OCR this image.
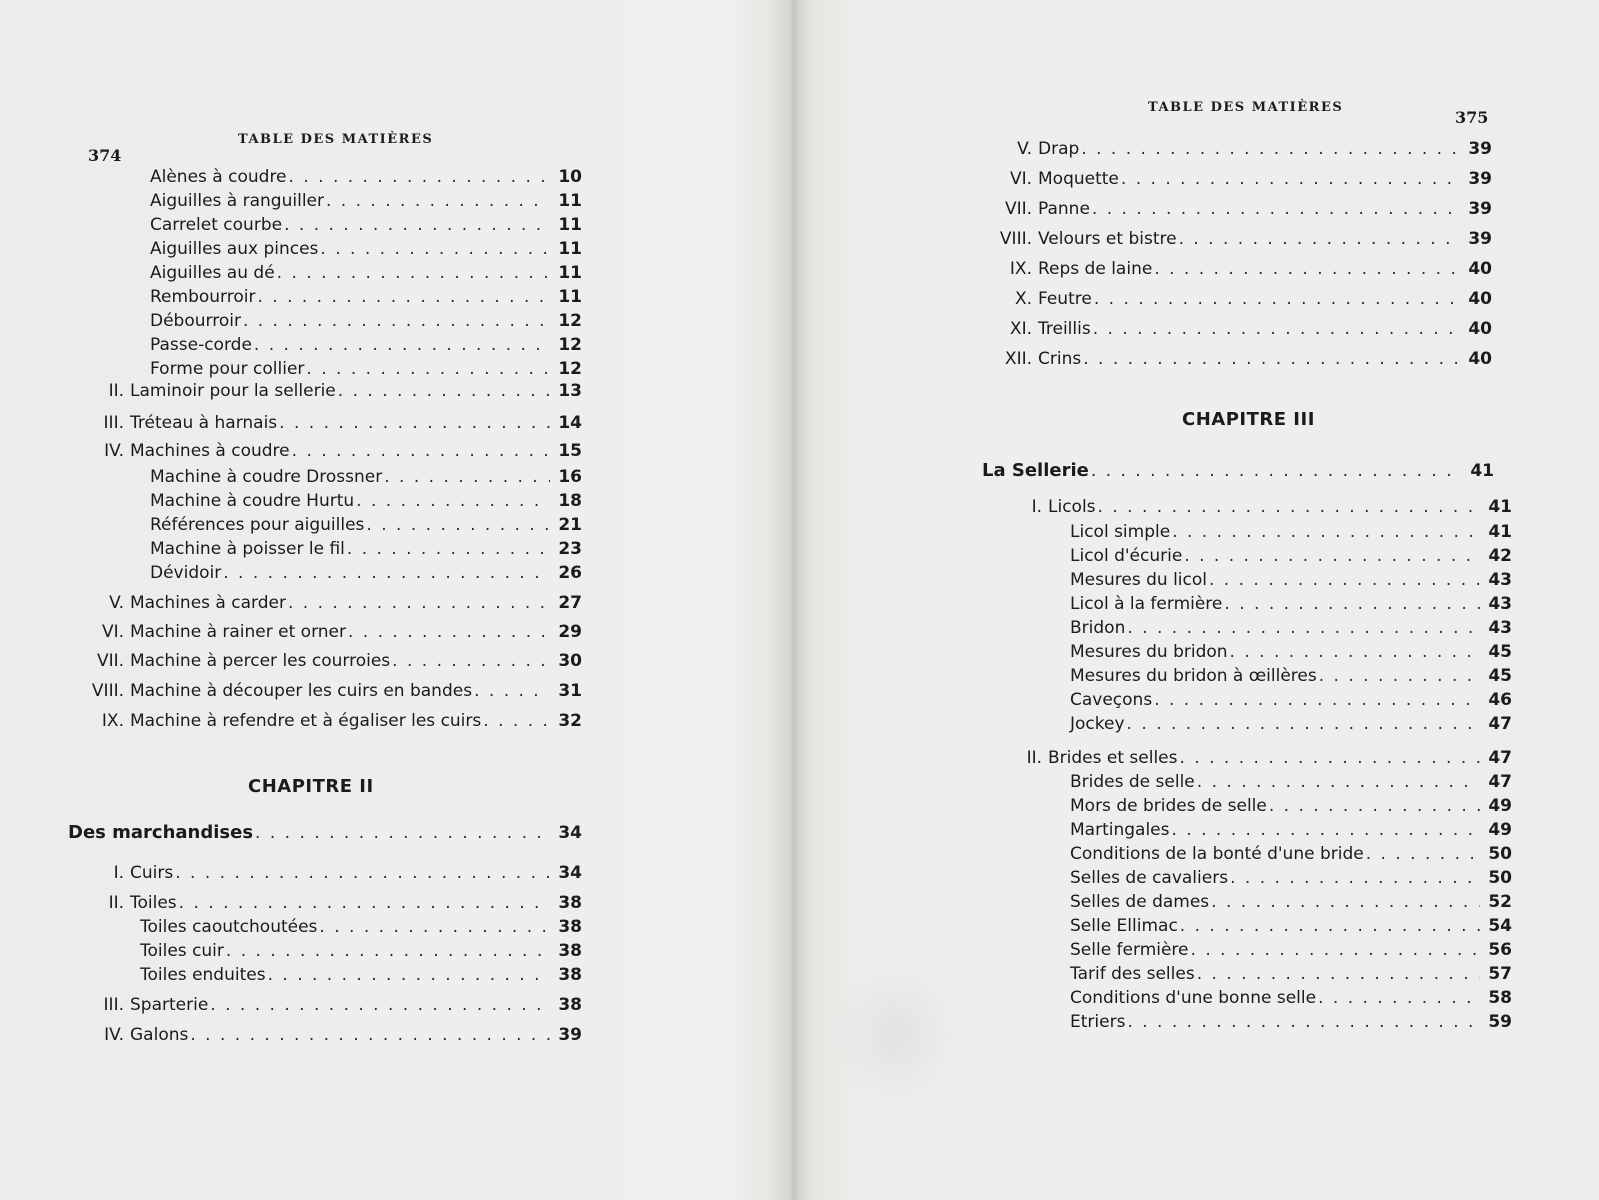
374
TABLE DES MATIÈRES
Alènes à coudre . . .	10
Aiguilles à ranguiller . . .	11
Carrelet courbe . . .	11
Aiguilles aux pinces . . .	11
Aiguilles au dé . . .	11
Rembourroir . . .	11
Débourroir . . .	12
Passe-corde . . .	12
Forme pour collier . . .	12
II. Laminoir pour la sellerie . . .	13
III. Tréteau à harnais . . .	14
IV. Machines à coudre . . .	15
Machine à coudre Drossner . . .	16
Machine à coudre Hurtu . . .	18
Références pour aiguilles . . .	21
Machine à poisser le fil . . .	23
Dévidoir . . .	26
V. Machines à carder . . .	27
VI. Machine à rainer et orner . . .	29
VII. Machine à percer les courroies . . .	30
VIII. Machine à découper les cuirs en bandes . . .	31
IX. Machine à refendre et à égaliser les cuirs . . .	32
CHAPITRE II
Des marchandises . . .	34
I. Cuirs . . .	34
II. Toiles . . .	38
Toiles caoutchoutées . . .	38
Toiles cuir . . .	38
Toiles enduites . . .	38
III. Sparterie . . .	38
IV. Galons . . .	39
TABLE DES MATIÈRES
375
V. Drap . . .	39
VI. Moquette . . .	39
VII. Panne . . .	39
VIII. Velours et bistre . . .	39
IX. Reps de laine . . .	40
X. Feutre . . .	40
XI. Treillis . . .	40
XII. Crins . . .	40
CHAPITRE III
La Sellerie . . .	41
I. Licols . . .	41
Licol simple . . .	41
Licol d'écurie . . .	42
Mesures du licol . . .	43
Licol à la fermière . . .	43
Bridon . . .	43
Mesures du bridon . . .	45
Mesures du bridon à œillères . . .	45
Caveçons . . .	46
Jockey . . .	47
II. Brides et selles . . .	47
Brides de selle . . .	47
Mors de brides de selle . . .	49
Martingales . . .	49
Conditions de la bonté d'une bride . . .	50
Selles de cavaliers . . .	50
Selles de dames . . .	52
Selle Ellimac . . .	54
Selle fermière . . .	56
Tarif des selles . . .	57
Conditions d'une bonne selle . . .	58
Etriers . . .	59
